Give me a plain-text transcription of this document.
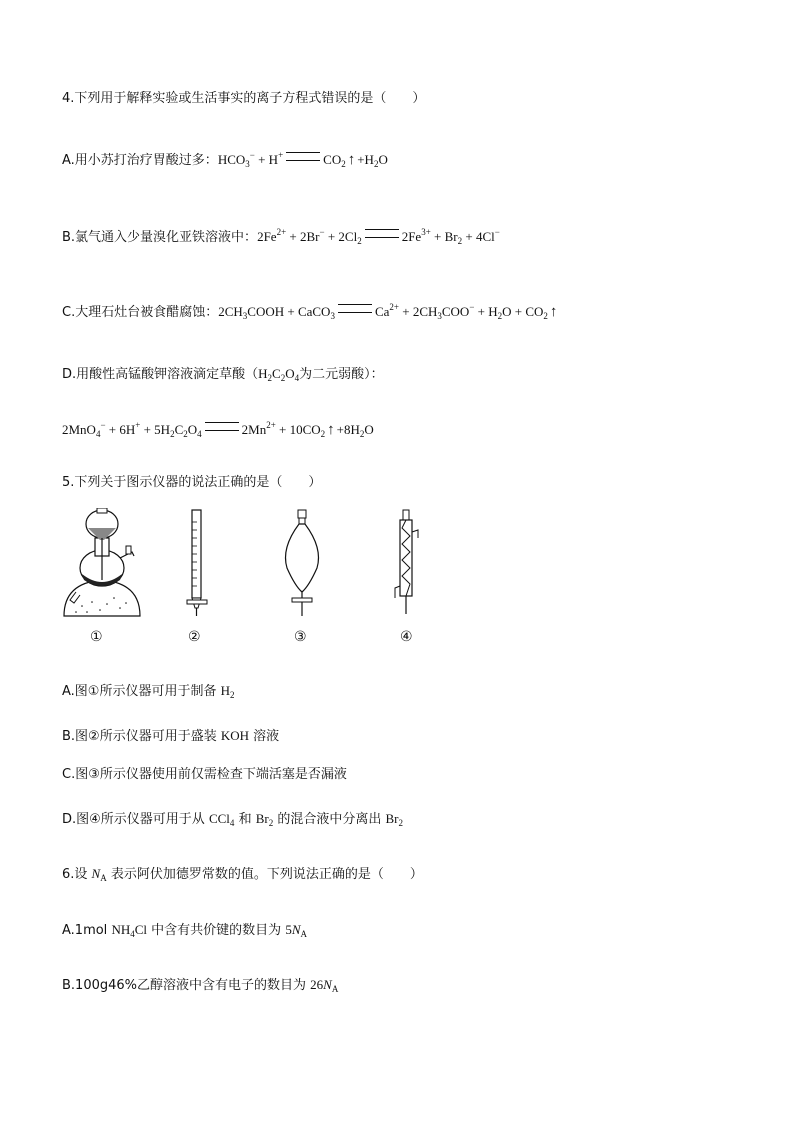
4.下列用于解释实验或生活事实的离子方程式错误的是（　　）
A.用小苏打治疗胃酸过多：$HCO_3^- + H^+$	$CO_2$ ↑ $+H_2O$
B.氯气通入少量溴化亚铁溶液中：$2Fe^{2+} + 2Br^- + 2Cl_2$	$2Fe^{3+} + Br_2 + 4Cl^-$
C.大理石灶台被食醋腐蚀：$2CH_3COOH$ + CaCO$_3$	$Ca^{2+} + 2CH_3COO^- + H_2O + CO_2$ ↑
D.用酸性高锰酸钾溶液滴定草酸（$H_2C_2O_4$为二元弱酸）：
$2MnO_4^- + 6H^+ + 5H_2C_2O_4$	$2Mn^{2+} + 10CO_2$ ↑ $+8H_2O$
5.下列关于图示仪器的说法正确的是（　　）
①	②	③	④
A.图①所示仪器可用于制备 $H_2$
B.图②所示仪器可用于盛装 KOH 溶液
C.图③所示仪器使用前仅需检查下端活塞是否漏液
D.图④所示仪器可用于从 CCl$_4$ 和 $Br_2$ 的混合液中分离出 $Br_2$
6.设 $N_A$ 表示阿伏加德罗常数的值。下列说法正确的是（　　）
A.1mol $NH_4Cl$ 中含有共价键的数目为 $5N_A$
B.100g46%乙醇溶液中含有电子的数目为 $26N_A$
